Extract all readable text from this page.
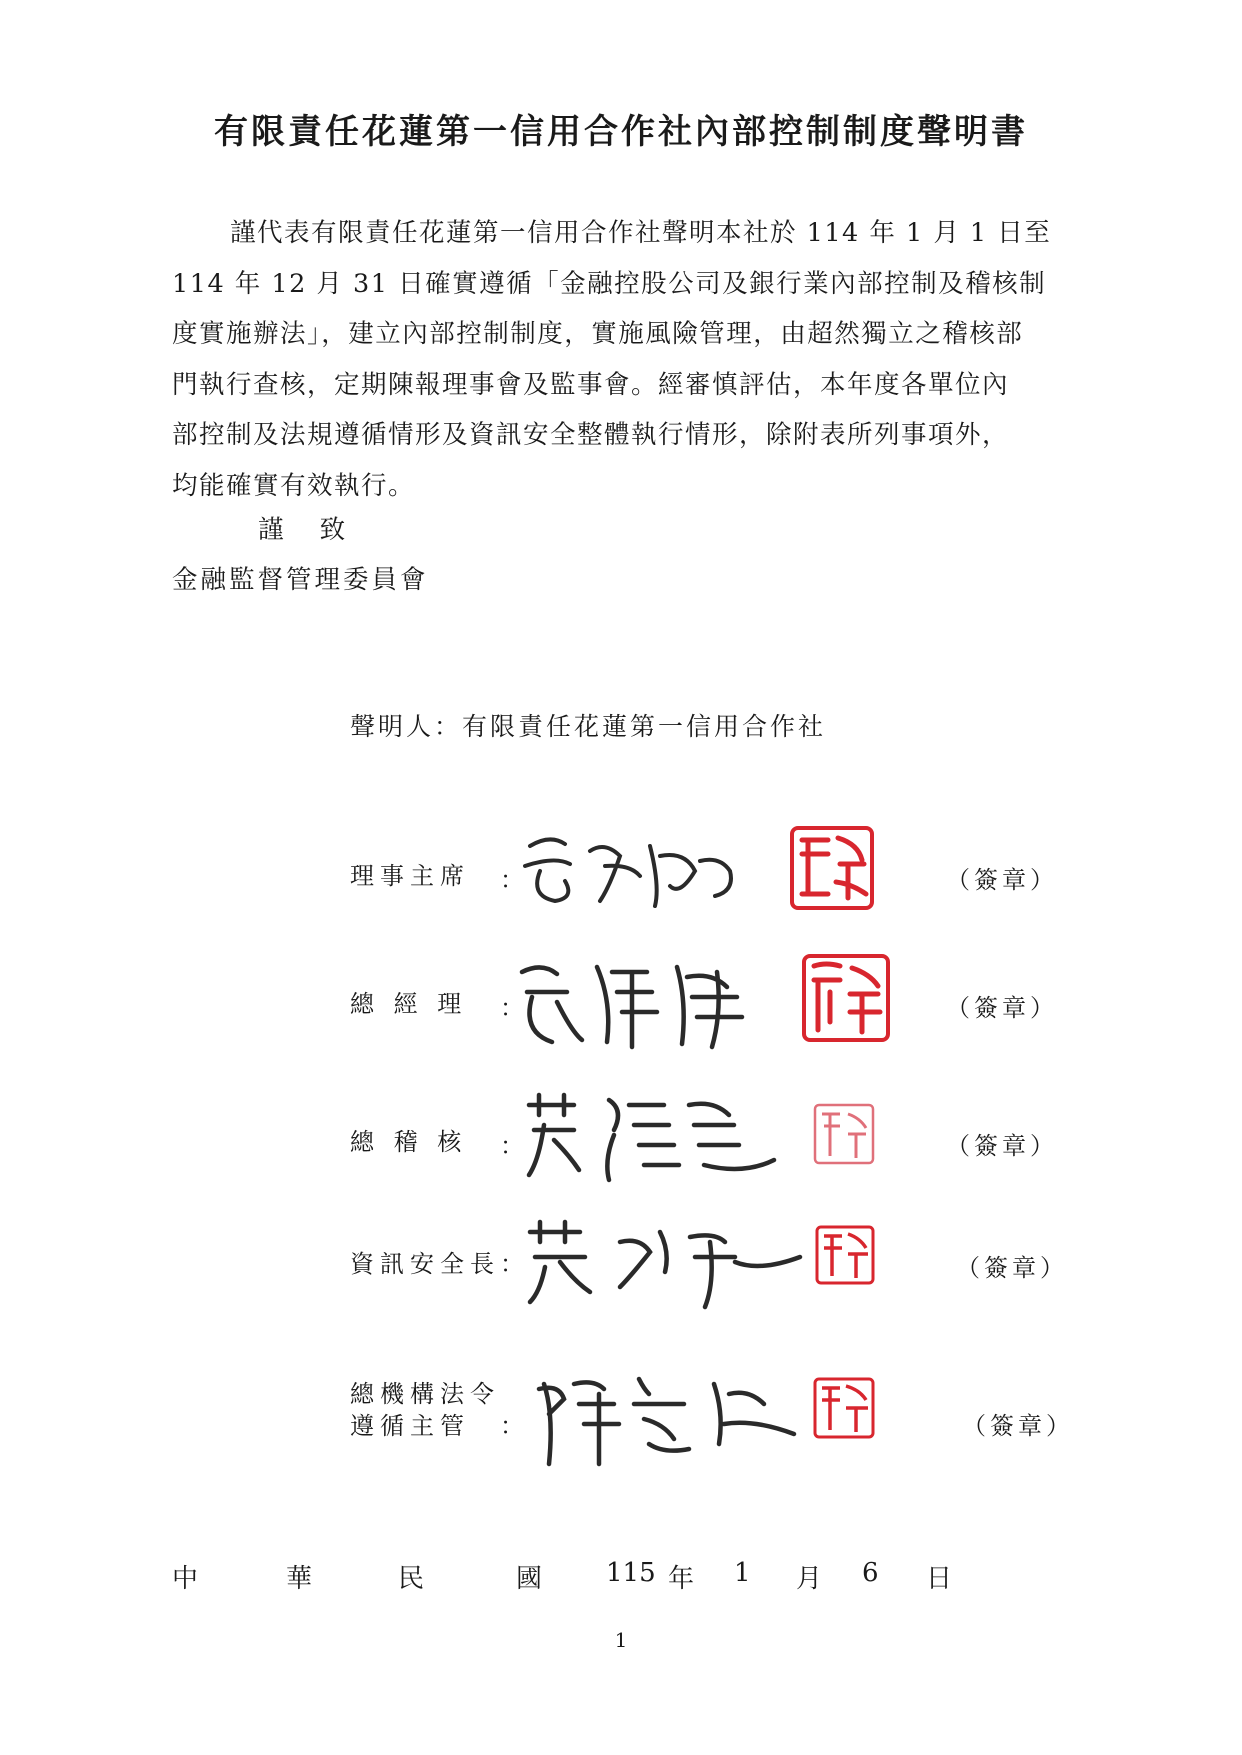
有限責任花蓮第一信用合作社內部控制制度聲明書
謹代表有限責任花蓮第一信用合作社聲明本社於 114 年 1 月 1 日至
114 年 12 月 31 日確實遵循「金融控股公司及銀行業內部控制及稽核制
度實施辦法」，建立內部控制制度，實施風險管理，由超然獨立之稽核部
門執行查核，定期陳報理事會及監事會。經審慎評估，本年度各單位內
部控制及法規遵循情形及資訊安全整體執行情形，除附表所列事項外，
均能確實有效執行。
謹 致
金融監督管理委員會
聲明人：有限責任花蓮第一信用合作社
理事主席 ：	（簽章）
總 經 理 ：	（簽章）
總 稽 核 ：	（簽章）
資訊安全長：	（簽章）
總機構法令
遵循主管	：	（簽章）
中	華	民	國 115 年 1 月 6 日
1
